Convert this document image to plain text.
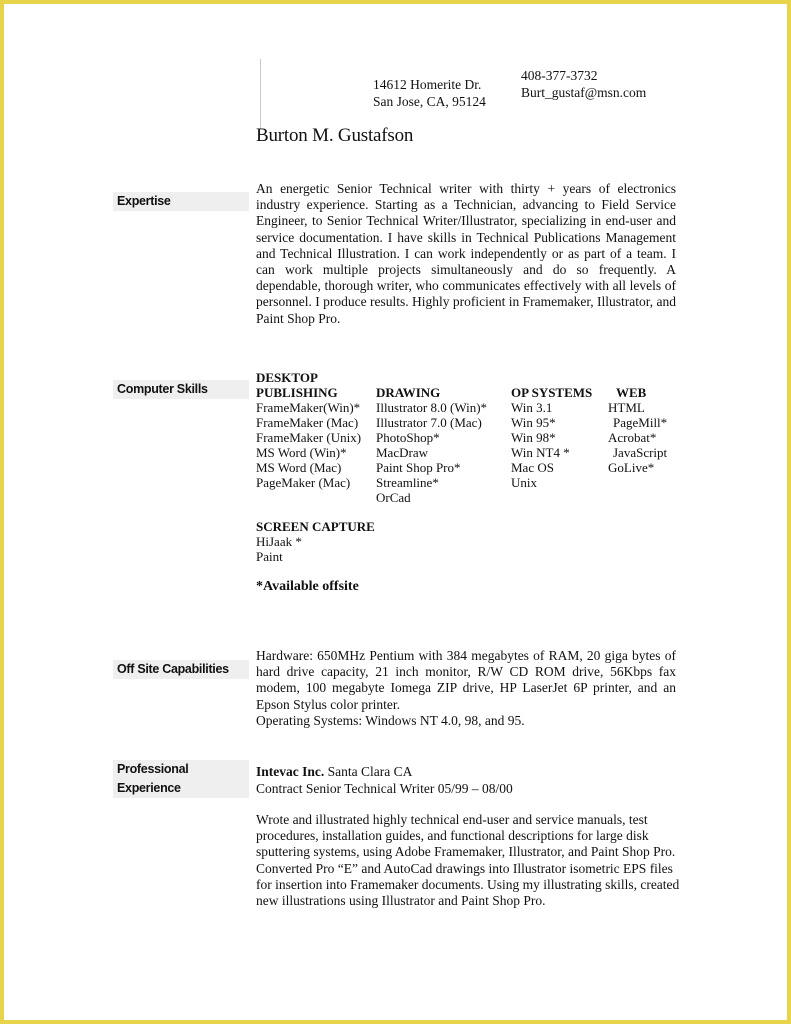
14612 Homerite Dr.
San Jose, CA, 95124
408-377-3732
Burt_gustaf@msn.com
Burton M. Gustafson
Expertise
An energetic Senior Technical writer with thirty + years of electronics industry experience. Starting as a Technician, advancing to Field Service Engineer, to Senior Technical Writer/Illustrator, specializing in end-user and service documentation. I have skills in Technical Publications Management and Technical Illustration. I can work independently or as part of a team. I can work multiple projects simultaneously and do so frequently. A dependable, thorough writer, who communicates effectively with all levels of personnel. I produce results. Highly proficient in Framemaker, Illustrator, and Paint Shop Pro.
Computer Skills
DESKTOP
PUBLISHING
FrameMaker(Win)*
FrameMaker (Mac)
FrameMaker (Unix)
MS Word (Win)*
MS Word (Mac)
PageMaker (Mac)
DRAWING
Illustrator 8.0 (Win)*
Illustrator 7.0 (Mac)
PhotoShop*
MacDraw
Paint Shop Pro*
Streamline*
OrCad
OP SYSTEMS
Win 3.1
Win 95*
Win 98*
Win NT4 *
Mac OS
Unix
WEB
HTML
PageMill*
Acrobat*
JavaScript
GoLive*
SCREEN CAPTURE
HiJaak *
Paint
*Available offsite
Off Site Capabilities
Hardware: 650MHz Pentium with 384 megabytes of RAM, 20 giga bytes of hard drive capacity, 21 inch monitor, R/W CD ROM drive, 56Kbps fax modem, 100 megabyte Iomega ZIP drive, HP LaserJet 6P printer, and an Epson Stylus color printer.
Operating Systems: Windows NT 4.0, 98, and 95.
Professional
Experience
Intevac Inc. Santa Clara CA
Contract Senior Technical Writer 05/99 – 08/00
Wrote and illustrated highly technical end-user and service manuals, test procedures, installation guides, and functional descriptions for large disk sputtering systems, using Adobe Framemaker, Illustrator, and Paint Shop Pro. Converted Pro “E” and AutoCad drawings into Illustrator isometric EPS files for insertion into Framemaker documents. Using my illustrating skills, created new illustrations using Illustrator and Paint Shop Pro.
